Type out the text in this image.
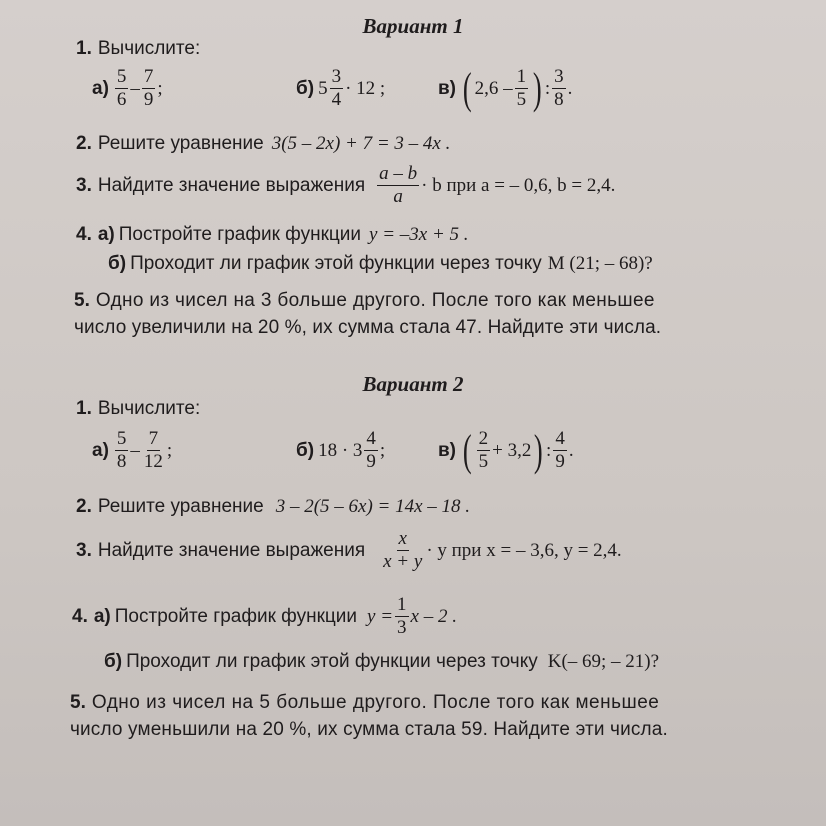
Вариант 1
1. Вычислите:
$а) \frac{5}{6} - \frac{7}{9}$ ;	б) $5 \frac{3}{4} \cdot 12$ ;	в) ( $2,6 - \frac{1}{5}$ ) : $\frac{3}{8}$ .
2. Решите уравнение 3(5 – 2x) + 7 = 3 – 4x .
3. Найдите значение выражения $\frac{a - b}{a} \cdot b$ при a = – 0,6, b = 2,4.
4. а) Постройте график функции y = –3x + 5 .
б) Проходит ли график этой функции через точку M (21; – 68)?
5. Одно из чисел на 3 больше другого. После того как меньшее
число увеличили на 20 %, их сумма стала 47. Найдите эти числа.
Вариант 2
1. Вычислите:
$а) \frac{5}{8} - \frac{7}{12}$ ;	б) $18 \cdot 3 \frac{4}{9}$ ;	в) ( $\frac{2}{5} + 3,2$ ) : $\frac{4}{9}$ .
2. Решите уравнение 3 – 2(5 – 6x) = 14x – 18 .
3. Найдите значение выражения $\frac{x}{x + y} \cdot y$ при x = – 3,6, y = 2,4.
4. а) Постройте график функции $y = \frac{1}{3}$ x – 2 .
б) Проходит ли график этой функции через точку K(– 69; – 21)?
5. Одно из чисел на 5 больше другого. После того как меньшее
число уменьшили на 20 %, их сумма стала 59. Найдите эти числа.
